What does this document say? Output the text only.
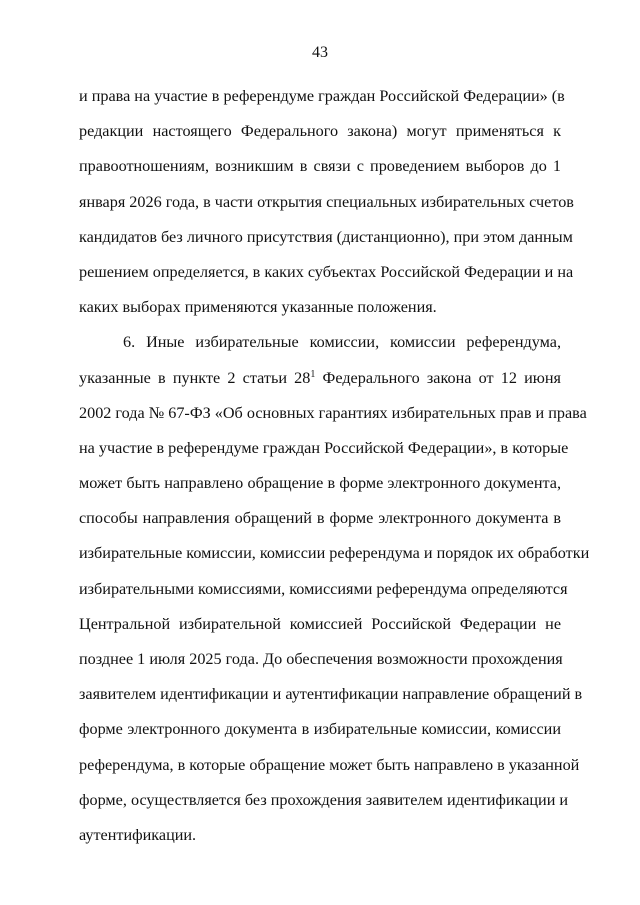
43
и права на участие в референдуме граждан Российской Федерации» (в
редакции настоящего Федерального закона) могут применяться к
правоотношениям, возникшим в связи с проведением выборов до 1
января 2026 года, в части открытия специальных избирательных счетов
кандидатов без личного присутствия (дистанционно), при этом данным
решением определяется, в каких субъектах Российской Федерации и на
каких выборах применяются указанные положения.
6. Иные избирательные комиссии, комиссии референдума,
указанные в пункте 2 статьи $28^1$ Федерального закона от 12 июня
2002 года № 67-ФЗ «Об основных гарантиях избирательных прав и права
на участие в референдуме граждан Российской Федерации», в которые
может быть направлено обращение в форме электронного документа,
способы направления обращений в форме электронного документа в
избирательные комиссии, комиссии референдума и порядок их обработки
избирательными комиссиями, комиссиями референдума определяются
Центральной избирательной комиссией Российской Федерации не
позднее 1 июля 2025 года. До обеспечения возможности прохождения
заявителем идентификации и аутентификации направление обращений в
форме электронного документа в избирательные комиссии, комиссии
референдума, в которые обращение может быть направлено в указанной
форме, осуществляется без прохождения заявителем идентификации и
аутентификации.
